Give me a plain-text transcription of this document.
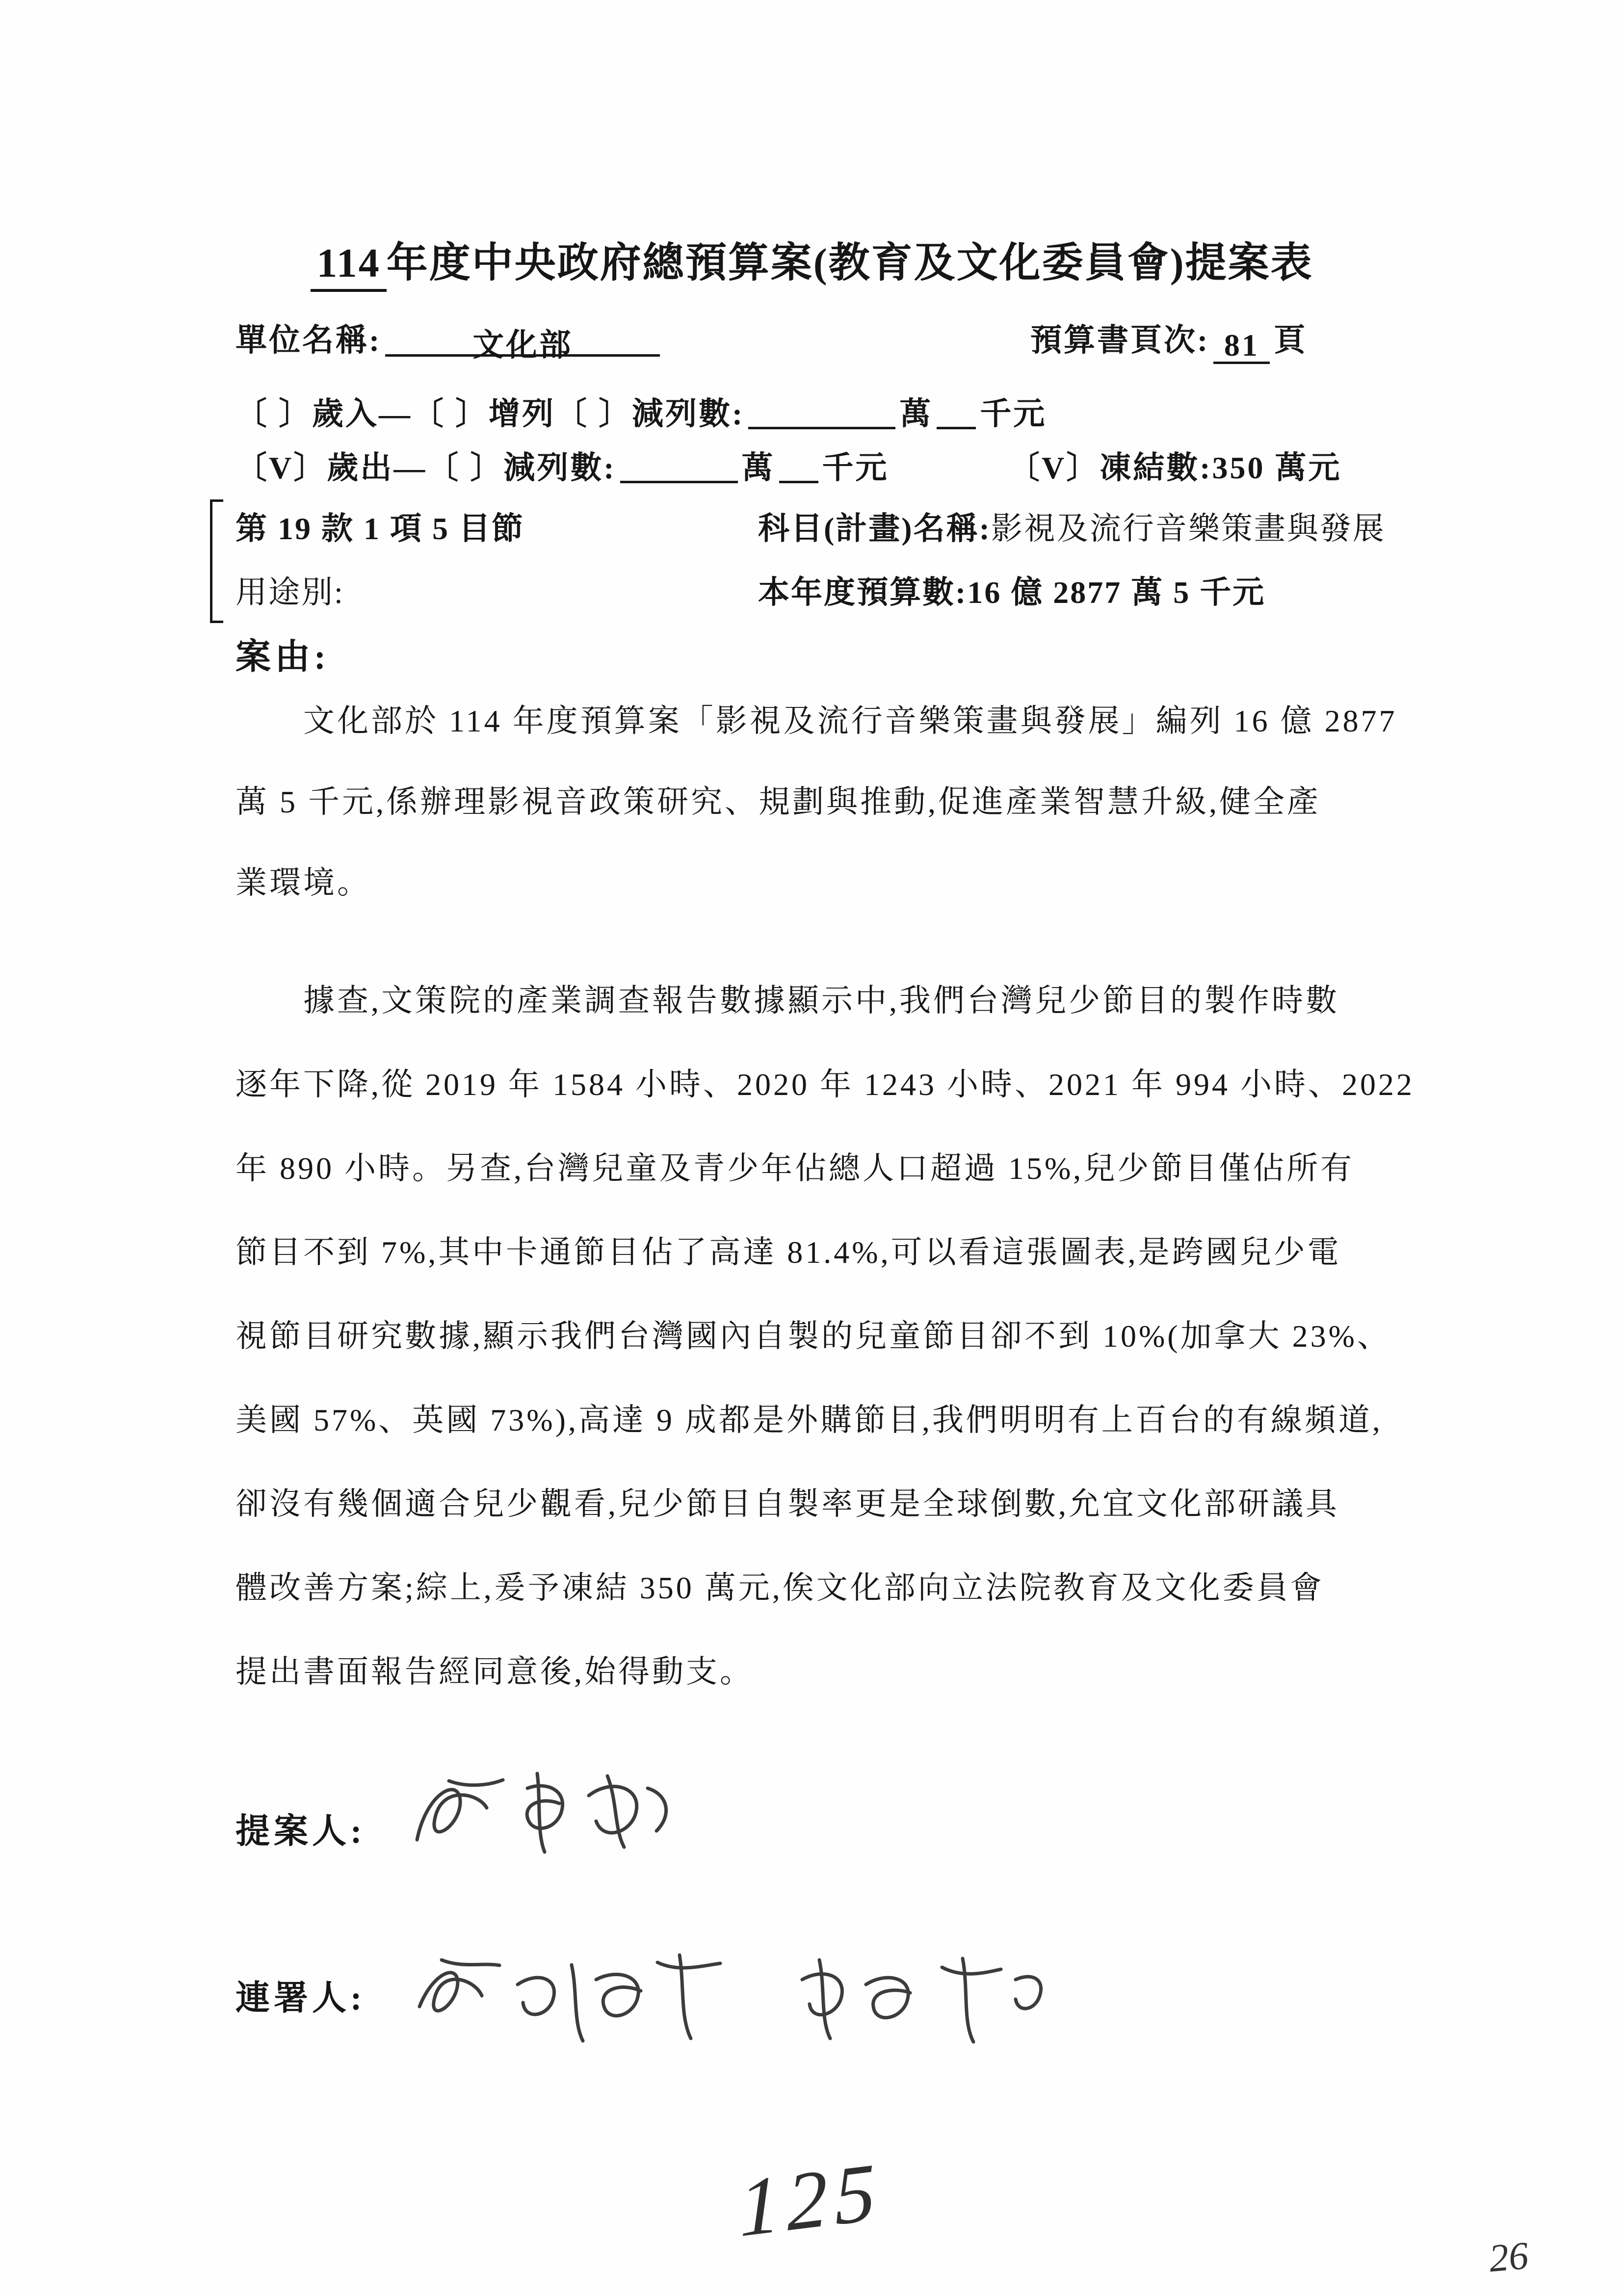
114 年度中央政府總預算案(教育及文化委員會)提案表
單位名稱:	文化部	預算書頁次: 81 頁
〔 〕歲入—〔 〕增列〔 〕減列數:	萬 千元
〔V〕歲出—〔 〕減列數:	萬 千元	〔V〕凍結數:350 萬元
第 19 款 1 項 5 目節	科目(計畫)名稱:影視及流行音樂策畫與發展
用途別:	本年度預算數:16 億 2877 萬 5 千元
案由:
文化部於 114 年度預算案「影視及流行音樂策畫與發展」編列 16 億 2877
萬 5 千元,係辦理影視音政策研究、規劃與推動,促進產業智慧升級,健全產
業環境。
據查,文策院的產業調查報告數據顯示中,我們台灣兒少節目的製作時數
逐年下降,從 2019 年 1584 小時、2020 年 1243 小時、2021 年 994 小時、2022
年 890 小時。另查,台灣兒童及青少年佔總人口超過 15%,兒少節目僅佔所有
節目不到 7%,其中卡通節目佔了高達 81.4%,可以看這張圖表,是跨國兒少電
視節目研究數據,顯示我們台灣國內自製的兒童節目卻不到 10%(加拿大 23%、
美國 57%、英國 73%),高達 9 成都是外購節目,我們明明有上百台的有線頻道,
卻沒有幾個適合兒少觀看,兒少節目自製率更是全球倒數,允宜文化部研議具
體改善方案;綜上,爰予凍結 350 萬元,俟文化部向立法院教育及文化委員會
提出書面報告經同意後,始得動支。
提案人:
連署人:
125
26
